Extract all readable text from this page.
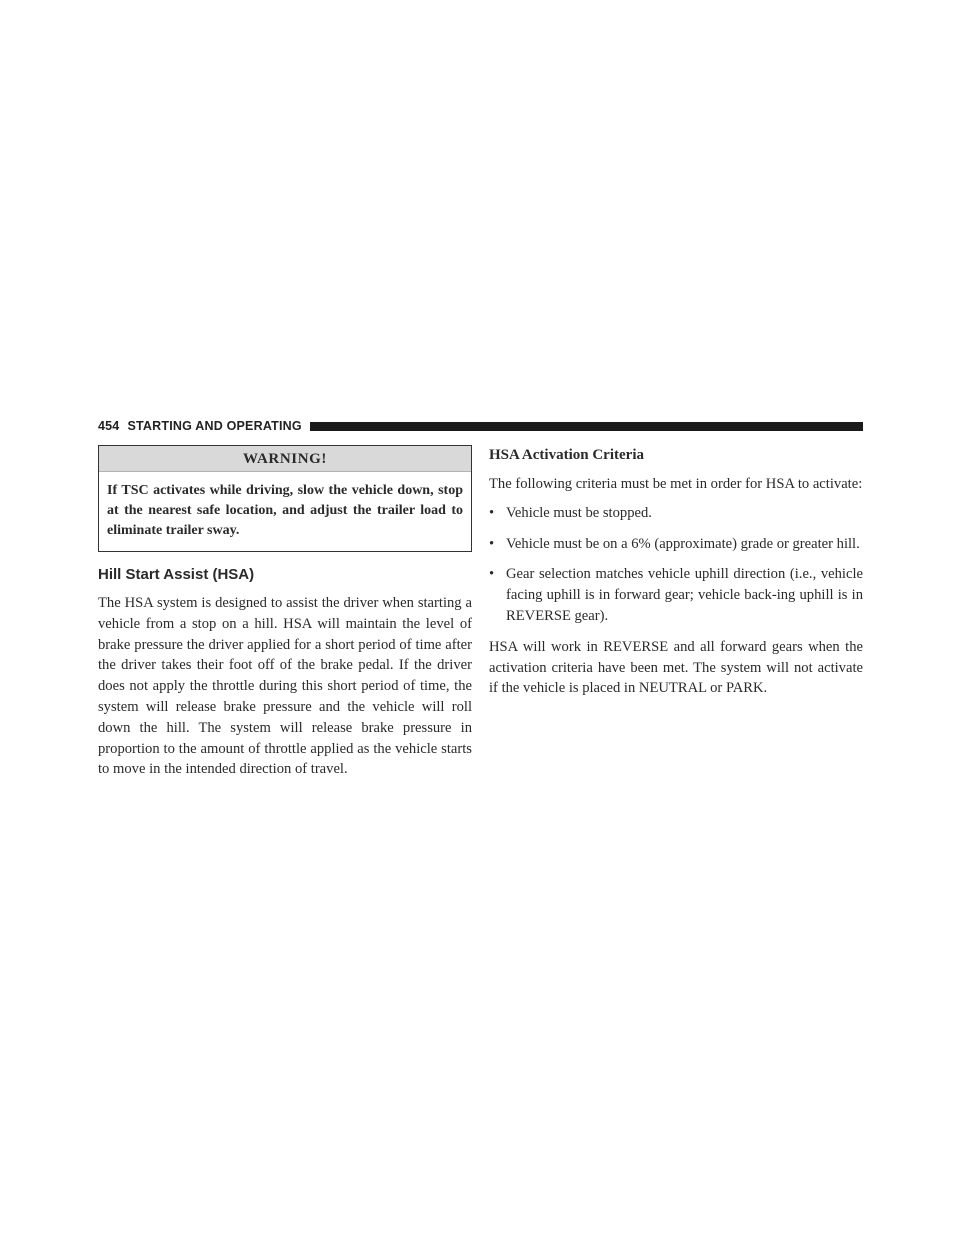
454 STARTING AND OPERATING
WARNING!
If TSC activates while driving, slow the vehicle down, stop at the nearest safe location, and adjust the trailer load to eliminate trailer sway.
Hill Start Assist (HSA)

The HSA system is designed to assist the driver when starting a vehicle from a stop on a hill. HSA will maintain the level of brake pressure the driver applied for a short period of time after the driver takes their foot off of the brake pedal. If the driver does not apply the throttle during this short period of time, the system will release brake pressure and the vehicle will roll down the hill. The system will release brake pressure in proportion to the amount of throttle applied as the vehicle starts to move in the intended direction of travel.

HSA Activation Criteria

The following criteria must be met in order for HSA to activate:

• Vehicle must be stopped.
• Vehicle must be on a 6% (approximate) grade or greater hill.
• Gear selection matches vehicle uphill direction (i.e., vehicle facing uphill is in forward gear; vehicle back-ing uphill is in REVERSE gear).

HSA will work in REVERSE and all forward gears when the activation criteria have been met. The system will not activate if the vehicle is placed in NEUTRAL or PARK.
